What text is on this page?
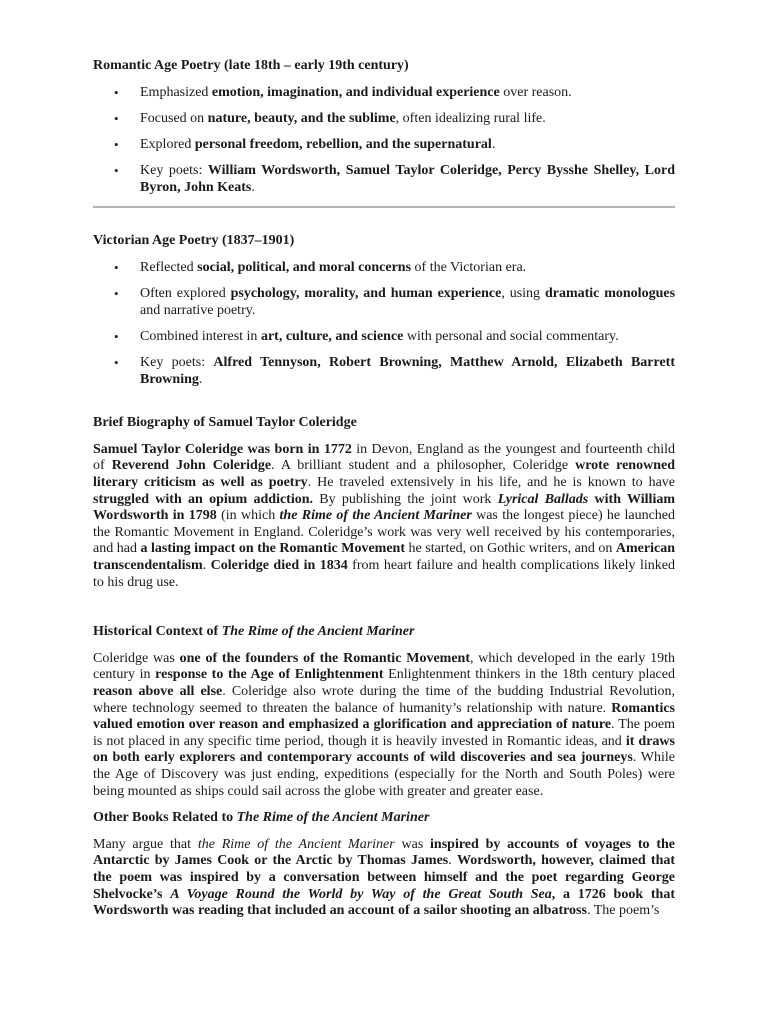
Romantic Age Poetry (late 18th – early 19th century)
• Emphasized emotion, imagination, and individual experience over reason.
• Focused on nature, beauty, and the sublime, often idealizing rural life.
• Explored personal freedom, rebellion, and the supernatural.
• Key poets: William Wordsworth, Samuel Taylor Coleridge, Percy Bysshe Shelley, Lord Byron, John Keats.
Victorian Age Poetry (1837–1901)
• Reflected social, political, and moral concerns of the Victorian era.
• Often explored psychology, morality, and human experience, using dramatic monologues and narrative poetry.
• Combined interest in art, culture, and science with personal and social commentary.
• Key poets: Alfred Tennyson, Robert Browning, Matthew Arnold, Elizabeth Barrett Browning.
Brief Biography of Samuel Taylor Coleridge

Samuel Taylor Coleridge was born in 1772 in Devon, England as the youngest and fourteenth child of Reverend John Coleridge. A brilliant student and a philosopher, Coleridge wrote renowned literary criticism as well as poetry. He traveled extensively in his life, and he is known to have struggled with an opium addiction. By publishing the joint work Lyrical Ballads with William Wordsworth in 1798 (in which the Rime of the Ancient Mariner was the longest piece) he launched the Romantic Movement in England. Coleridge’s work was very well received by his contemporaries, and had a lasting impact on the Romantic Movement he started, on Gothic writers, and on American transcendentalism. Coleridge died in 1834 from heart failure and health complications likely linked to his drug use.

Historical Context of The Rime of the Ancient Mariner

Coleridge was one of the founders of the Romantic Movement, which developed in the early 19th century in response to the Age of Enlightenment Enlightenment thinkers in the 18th century placed reason above all else. Coleridge also wrote during the time of the budding Industrial Revolution, where technology seemed to threaten the balance of humanity’s relationship with nature. Romantics valued emotion over reason and emphasized a glorification and appreciation of nature. The poem is not placed in any specific time period, though it is heavily invested in Romantic ideas, and it draws on both early explorers and contemporary accounts of wild discoveries and sea journeys. While the Age of Discovery was just ending, expeditions (especially for the North and South Poles) were being mounted as ships could sail across the globe with greater and greater ease.

Other Books Related to The Rime of the Ancient Mariner

Many argue that the Rime of the Ancient Mariner was inspired by accounts of voyages to the Antarctic by James Cook or the Arctic by Thomas James. Wordsworth, however, claimed that the poem was inspired by a conversation between himself and the poet regarding George Shelvocke’s A Voyage Round the World by Way of the Great South Sea, a 1726 book that Wordsworth was reading that included an account of a sailor shooting an albatross. The poem’s
